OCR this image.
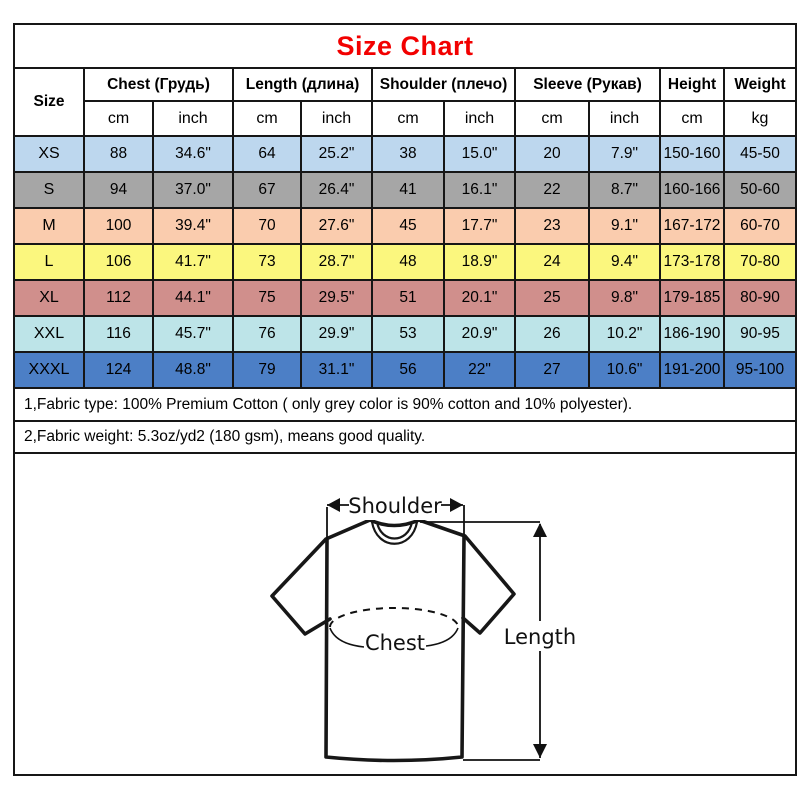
Size Chart										
Size	Chest (Грудь)		Length (длина)		Shoulder (плечо)		Sleeve (Рукав)		Height	Weight
	cm	inch	cm	inch	cm	inch	cm	inch	cm	kg
XS	88	34.6"	64	25.2"	38	15.0"	20	7.9"	150-160	45-50
S	94	37.0"	67	26.4"	41	16.1"	22	8.7"	160-166	50-60
M	100	39.4"	70	27.6"	45	17.7"	23	9.1"	167-172	60-70
L	106	41.7"	73	28.7"	48	18.9"	24	9.4"	173-178	70-80
XL	112	44.1"	75	29.5"	51	20.1"	25	9.8"	179-185	80-90
XXL	116	45.7"	76	29.9"	53	20.9"	26	10.2"	186-190	90-95
XXXL	124	48.8"	79	31.1"	56	22"	27	10.6"	191-200	95-100
1,Fabric type: 100% Premium Cotton ( only grey color is 90% cotton and 10% polyester).										
2,Fabric weight: 5.3oz/yd2 (180 gsm), means good quality.										

Chest
Shoulder
Length										
